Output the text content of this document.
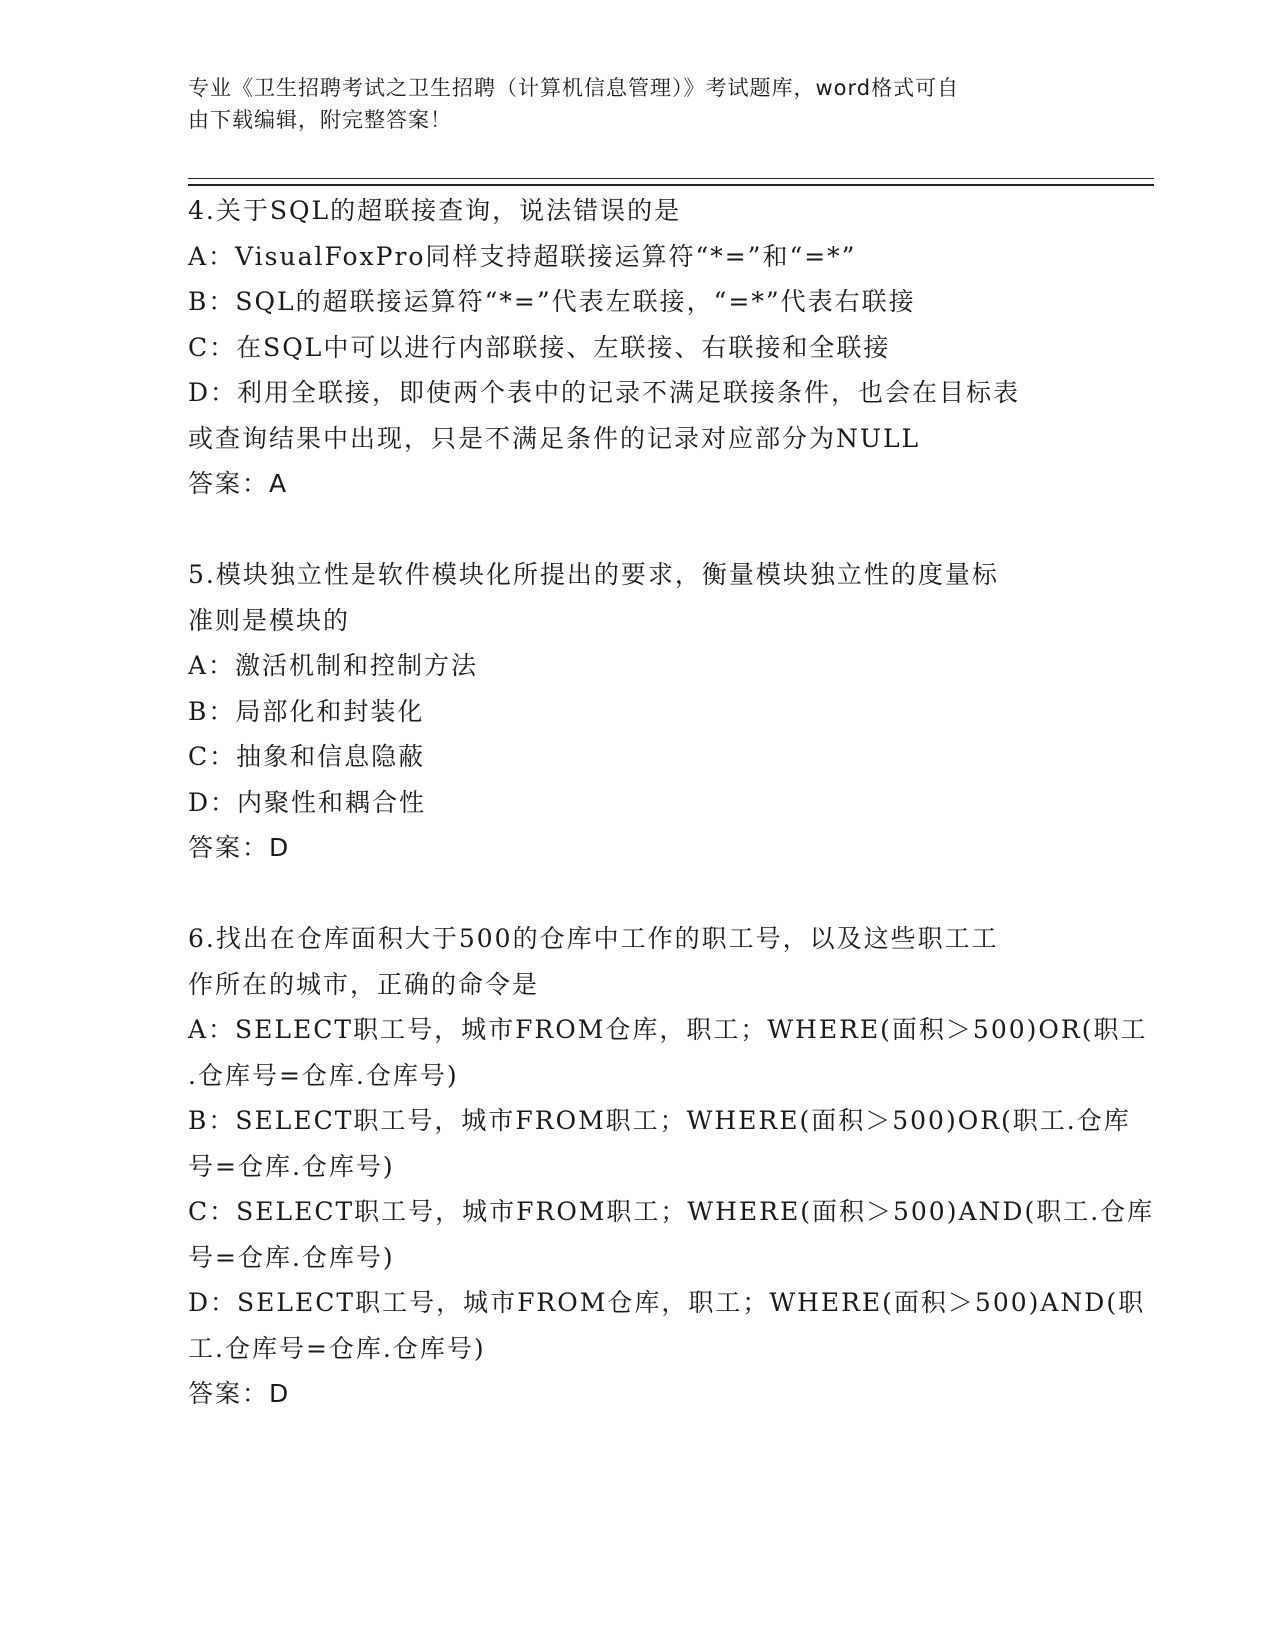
专业《卫生招聘考试之卫生招聘（计算机信息管理）》考试题库，word格式可自
由下载编辑，附完整答案！

4.关于SQL的超联接查询，说法错误的是

A：VisualFoxPro同样支持超联接运算符“*=”和“=*”

B：SQL的超联接运算符“*=”代表左联接，“=*”代表右联接

C：在SQL中可以进行内部联接、左联接、右联接和全联接

D：利用全联接，即使两个表中的记录不满足联接条件，也会在目标表

或查询结果中出现，只是不满足条件的记录对应部分为NULL

答案：A

5.模块独立性是软件模块化所提出的要求，衡量模块独立性的度量标

准则是模块的

A：激活机制和控制方法

B：局部化和封装化

C：抽象和信息隐蔽

D：内聚性和耦合性

答案：D

6.找出在仓库面积大于500的仓库中工作的职工号，以及这些职工工

作所在的城市，正确的命令是

A：SELECT职工号，城市FROM仓库，职工；WHERE(面积＞500)OR(职工

.仓库号=仓库.仓库号)

B：SELECT职工号，城市FROM职工；WHERE(面积＞500)OR(职工.仓库

号=仓库.仓库号)

C：SELECT职工号，城市FROM职工；WHERE(面积＞500)AND(职工.仓库

号=仓库.仓库号)

D：SELECT职工号，城市FROM仓库，职工；WHERE(面积＞500)AND(职

工.仓库号=仓库.仓库号)

答案：D
